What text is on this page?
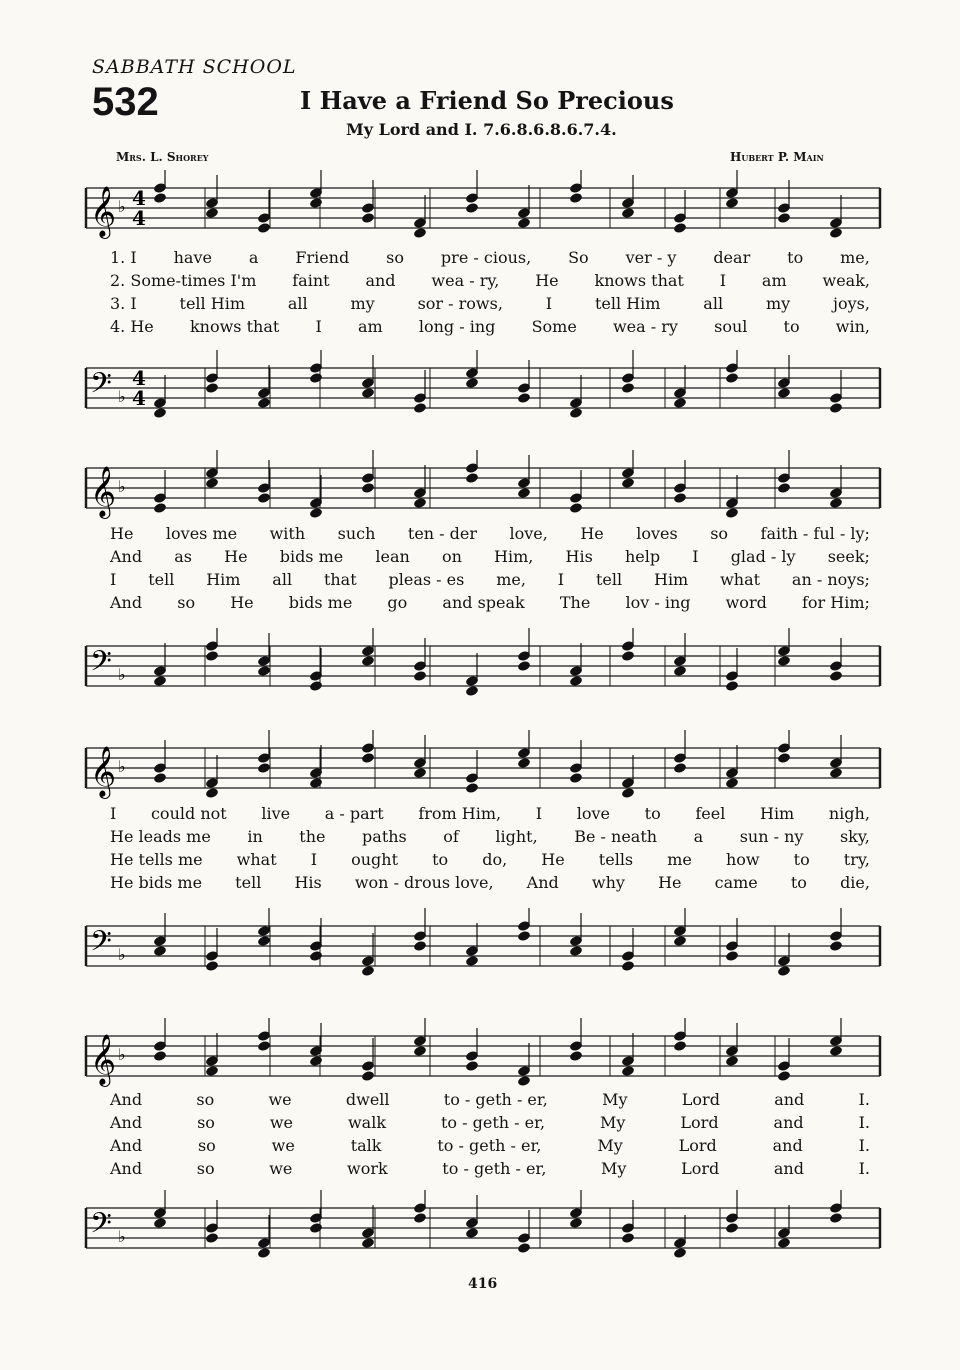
SABBATH SCHOOL
532	I Have a Friend So Precious
My Lord and I. 7.6.8.6.8.6.7.4.
Mrs. L. Shorey	Hubert P. Main
𝄞 ♭ 4
4
1. I have a Friend so pre - cious, So ver - y dear to me,
2. Some-times I'm faint and wea - ry, He knows that I am weak,
3. I	tell Him	all	my	sor - rows,	I	tell Him	all	my	joys,
4. He knows that I am long - ing Some wea - ry soul to win,
𝄢 ♭
4
4
𝄞 ♭
He loves me with such ten - der love, He loves so faith - ful - ly;
And as He bids me lean on Him, His help I glad - ly seek;
I tell Him all that pleas - es me, I tell Him what an - noys;
And so He bids me go and speak The lov - ing word for Him;
𝄢 ♭
𝄞 ♭
I could not live a - part from Him, I love to feel Him nigh,
He leads me in the paths of light, Be - neath a sun - ny sky,
He tells me what I ought to do, He tells me how to try,
He bids me tell His won - drous love, And why He came to die,
𝄢 ♭
𝄞 ♭
And	so	we	dwell	to - geth - er,	My	Lord	and	I.
And	so	we	walk	to - geth - er,	My	Lord	and	I.
And	so	we	talk	to - geth - er,	My	Lord	and	I.
And	so	we	work	to - geth - er,	My	Lord	and	I.
𝄢 ♭
416
